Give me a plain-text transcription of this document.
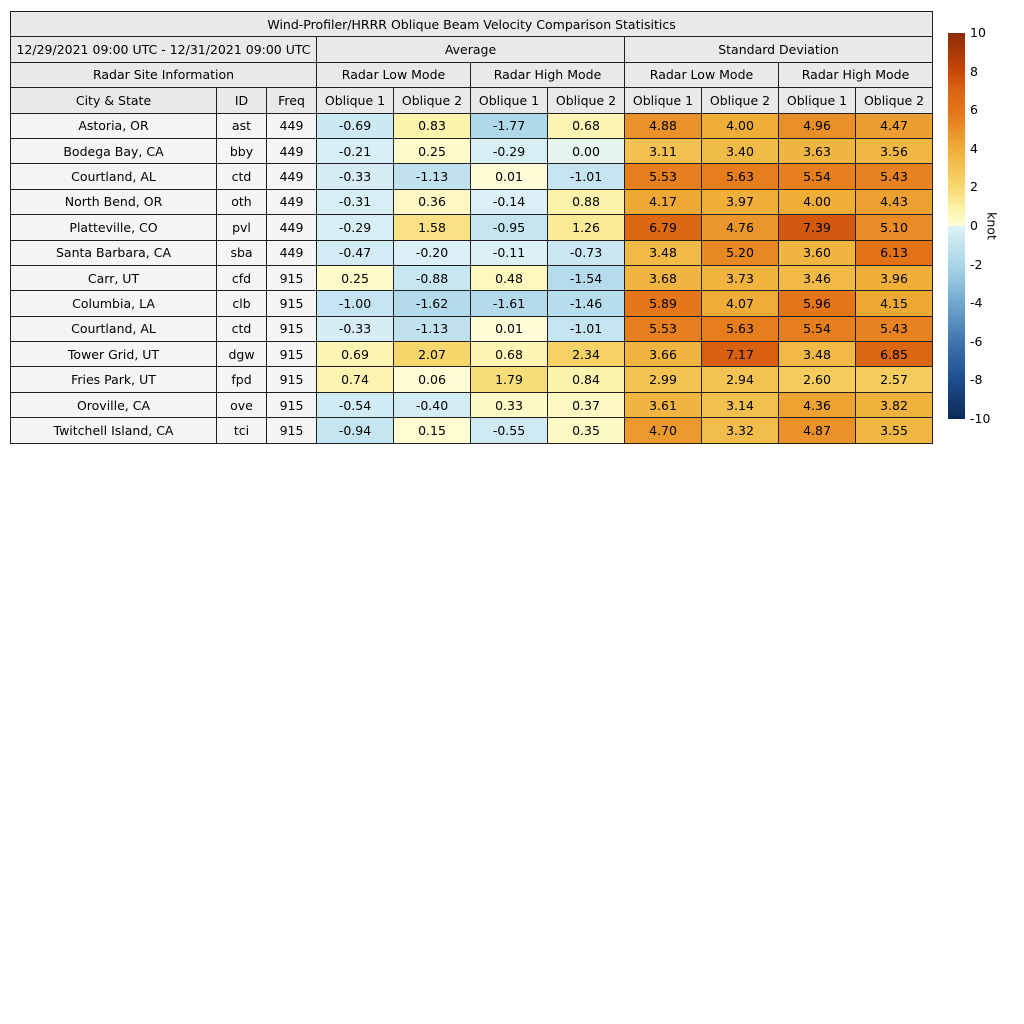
Wind-Profiler/HRRR Oblique Beam Velocity Comparison Statisitics										
12/29/2021 09:00 UTC - 12/31/2021 09:00 UTC			Average				Standard Deviation			
Radar Site Information			Radar Low Mode		Radar High Mode		Radar Low Mode		Radar High Mode	
City & State	ID	Freq	Oblique 1	Oblique 2	Oblique 1	Oblique 2	Oblique 1	Oblique 2	Oblique 1	Oblique 2
Astoria, OR	ast	449	-0.69	0.83	-1.77	0.68	4.88	4.00	4.96	4.47
Bodega Bay, CA	bby	449	-0.21	0.25	-0.29	0.00	3.11	3.40	3.63	3.56
Courtland, AL	ctd	449	-0.33	-1.13	0.01	-1.01	5.53	5.63	5.54	5.43
North Bend, OR	oth	449	-0.31	0.36	-0.14	0.88	4.17	3.97	4.00	4.43
Platteville, CO	pvl	449	-0.29	1.58	-0.95	1.26	6.79	4.76	7.39	5.10
Santa Barbara, CA	sba	449	-0.47	-0.20	-0.11	-0.73	3.48	5.20	3.60	6.13
Carr, UT	cfd	915	0.25	-0.88	0.48	-1.54	3.68	3.73	3.46	3.96
Columbia, LA	clb	915	-1.00	-1.62	-1.61	-1.46	5.89	4.07	5.96	4.15
Courtland, AL	ctd	915	-0.33	-1.13	0.01	-1.01	5.53	5.63	5.54	5.43
Tower Grid, UT	dgw	915	0.69	2.07	0.68	2.34	3.66	7.17	3.48	6.85
Fries Park, UT	fpd	915	0.74	0.06	1.79	0.84	2.99	2.94	2.60	2.57
Oroville, CA	ove	915	-0.54	-0.40	0.33	0.37	3.61	3.14	4.36	3.82
Twitchell Island, CA	tci	915	-0.94	0.15	-0.55	0.35	4.70	3.32	4.87	3.55
10
8
6
4
2
0
-2
-4
-6
-8
-10
knot
